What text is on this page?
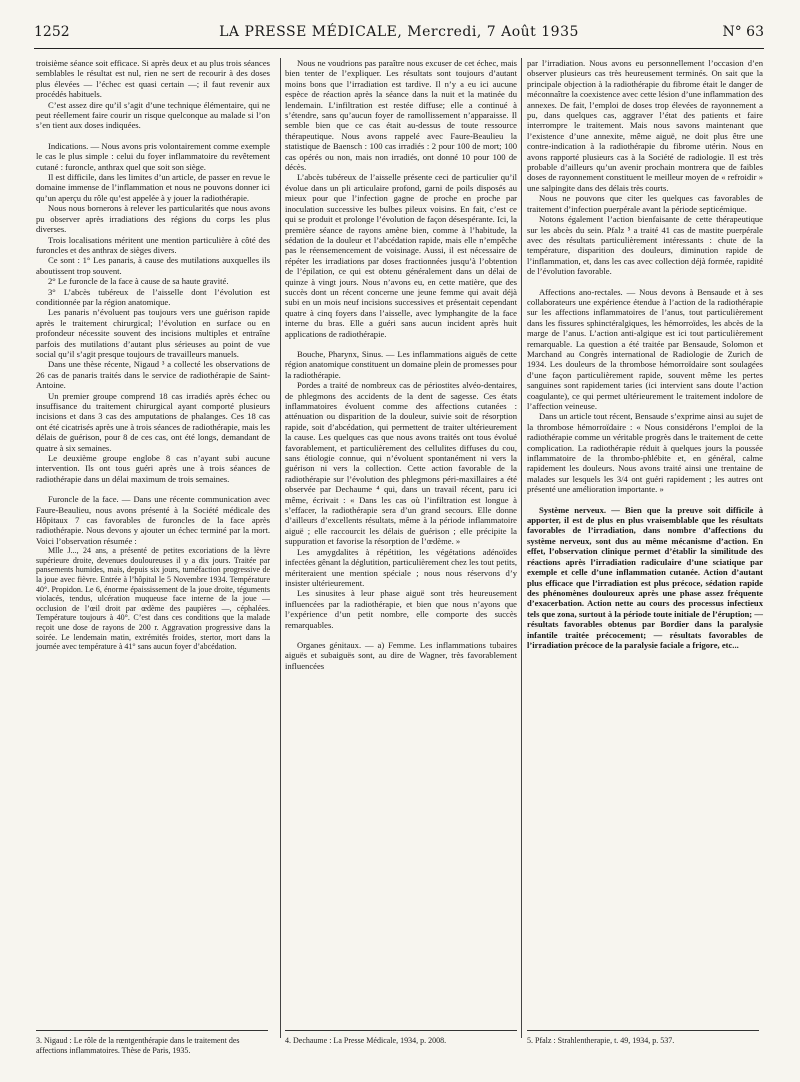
1252	LA PRESSE MÉDICALE, Mercredi, 7 Août 1935	N° 63

troisième séance soit efficace. Si après deux et au plus trois séances semblables le résultat est nul, rien ne sert de recourir à des doses plus élevées — l’échec est quasi certain —; il faut revenir aux procédés habituels.

C’est assez dire qu’il s’agit d’une technique élémentaire, qui ne peut réellement faire courir un risque quelconque au malade si l’on s’en tient aux doses indiquées.

Indications. — Nous avons pris volontairement comme exemple le cas le plus simple : celui du foyer inflammatoire du revêtement cutané : furoncle, anthrax quel que soit son siège.

Il est difficile, dans les limites d’un article, de passer en revue le domaine immense de l’inflammation et nous ne pouvons donner ici qu’un aperçu du rôle qu’est appelée à y jouer la radiothérapie.

Nous nous bornerons à relever les particularités que nous avons pu observer après irradiations des régions du corps les plus diverses.

Trois localisations méritent une mention particulière à côté des furoncles et des anthrax de sièges divers.

Ce sont : 1° Les panaris, à cause des mutilations auxquelles ils aboutissent trop souvent.

2° Le furoncle de la face à cause de sa haute gravité.

3° L’abcès tubéreux de l’aisselle dont l’évolution est conditionnée par la région anatomique.

Les panaris n’évoluent pas toujours vers une guérison rapide après le traitement chirurgical; l’évolution en surface ou en profondeur nécessite souvent des incisions multiples et entraîne parfois des mutilations d’autant plus sérieuses au point de vue social qu’il s’agit presque toujours de travailleurs manuels.

Dans une thèse récente, Nigaud ³ a collecté les observations de 26 cas de panaris traités dans le service de radiothérapie de Saint-Antoine.

Un premier groupe comprend 18 cas irradiés après échec ou insuffisance du traitement chirurgical ayant comporté plusieurs incisions et dans 3 cas des amputations de phalanges. Ces 18 cas ont été cicatrisés après une à trois séances de radiothérapie, mais les délais de guérison, pour 8 de ces cas, ont été longs, demandant de quatre à six semaines.

Le deuxième groupe englobe 8 cas n’ayant subi aucune intervention. Ils ont tous guéri après une à trois séances de radiothérapie dans un délai maximum de trois semaines.

Furoncle de la face. — Dans une récente communication avec Faure-Beaulieu, nous avons présenté à la Société médicale des Hôpitaux 7 cas favorables de furoncles de la face après radiothérapie. Nous devons y ajouter un échec terminé par la mort. Voici l’observation résumée :

Mlle J..., 24 ans, a présenté de petites excoriations de la lèvre supérieure droite, devenues douloureuses il y a dix jours. Traitée par pansements humides, mais, depuis six jours, tuméfaction progressive de la joue avec fièvre. Entrée à l’hôpital le 5 Novembre 1934. Température 40°. Propidon. Le 6, énorme épaississement de la joue droite, téguments violacés, tendus, ulcération muqueuse face interne de la joue — occlusion de l’œil droit par œdème des paupières —, céphalées. Température toujours à 40°. C’est dans ces conditions que la malade reçoit une dose de rayons de 200 r. Aggravation progressive dans la soirée. Le lendemain matin, extrémités froides, stertor, mort dans la journée avec température à 41° sans aucun foyer d’abcédation.

Nous ne voudrions pas paraître nous excuser de cet échec, mais bien tenter de l’expliquer. Les résultats sont toujours d’autant moins bons que l’irradiation est tardive. Il n’y a eu ici aucune espèce de réaction après la séance dans la nuit et la matinée du lendemain. L’infiltration est restée diffuse; elle a continué à s’étendre, sans qu’aucun foyer de ramollissement n’apparaisse. Il semble bien que ce cas était au-dessus de toute ressource thérapeutique. Nous avons rappelé avec Faure-Beaulieu la statistique de Baensch : 100 cas irradiés : 2 pour 100 de mort; 100 cas opérés ou non, mais non irradiés, ont donné 10 pour 100 de décès.

L’abcès tubéreux de l’aisselle présente ceci de particulier qu’il évolue dans un pli articulaire profond, garni de poils disposés au mieux pour que l’infection gagne de proche en proche par inoculation successive les bulbes pileux voisins. En fait, c’est ce qui se produit et prolonge l’évolution de façon désespérante. Ici, la première séance de rayons amène bien, comme à l’habitude, la sédation de la douleur et l’abcédation rapide, mais elle n’empêche pas le réensemencement de voisinage. Aussi, il est nécessaire de répéter les irradiations par doses fractionnées jusqu’à l’obtention de l’épilation, ce qui est obtenu généralement dans un délai de quinze à vingt jours. Nous n’avons eu, en cette matière, que des succès dont un récent concerne une jeune femme qui avait déjà subi en un mois neuf incisions successives et présentait cependant quatre à cinq foyers dans l’aisselle, avec lymphangite de la face interne du bras. Elle a guéri sans aucun incident après huit applications de radiothérapie.

Bouche, Pharynx, Sinus. — Les inflammations aiguës de cette région anatomique constituent un domaine plein de promesses pour la radiothérapie.

Pordes a traité de nombreux cas de périostites alvéo-dentaires, de phlegmons des accidents de la dent de sagesse. Ces états inflammatoires évoluent comme des affections cutanées : atténuation ou disparition de la douleur, suivie soit de résorption rapide, soit d’abcédation, qui permettent de traiter ultérieurement la cause. Les quelques cas que nous avons traités ont tous évolué favorablement, et particulièrement des cellulites diffuses du cou, sans étiologie connue, qui n’évoluent spontanément ni vers la guérison ni vers la collection. Cette action favorable de la radiothérapie sur l’évolution des phlegmons péri-maxillaires a été observée par Dechaume ⁴ qui, dans un travail récent, paru ici même, écrivait : « Dans les cas où l’infiltration est longue à s’effacer, la radiothérapie sera d’un grand secours. Elle donne d’ailleurs d’excellents résultats, même à la période inflammatoire aiguë ; elle raccourcit les délais de guérison ; elle précipite la suppuration et favorise la résorption de l’œdème. »

Les amygdalites à répétition, les végétations adénoïdes infectées gênant la déglutition, particulièrement chez les tout petits, mériteraient une mention spéciale ; nous nous réservons d’y insister ultérieurement.

Les sinusites à leur phase aiguë sont très heureusement influencées par la radiothérapie, et bien que nous n’ayons que l’expérience d’un petit nombre, elle comporte des succès remarquables.

Organes génitaux. — a) Femme. Les inflammations tubaires aiguës et subaiguës sont, au dire de Wagner, très favorablement influencées

par l’irradiation. Nous avons eu personnellement l’occasion d’en observer plusieurs cas très heureusement terminés. On sait que la principale objection à la radiothérapie du fibrome était le danger de méconnaître la coexistence avec cette lésion d’une inflammation des annexes. De fait, l’emploi de doses trop élevées de rayonnement a pu, dans quelques cas, aggraver l’état des patients et faire interrompre le traitement. Mais nous savons maintenant que l’existence d’une annexite, même aiguë, ne doit plus être une contre-indication à la radiothérapie du fibrome utérin. Nous en avons rapporté plusieurs cas à la Société de radiologie. Il est très probable d’ailleurs qu’un avenir prochain montrera que de faibles doses de rayonnement constituent le meilleur moyen de « refroidir » une salpingite dans des délais très courts.

Nous ne pouvons que citer les quelques cas favorables de traitement d’infection puerpérale avant la période septicémique.

Notons également l’action bienfaisante de cette thérapeutique sur les abcès du sein. Pfalz ⁵ a traité 41 cas de mastite puerpérale avec des résultats particulièrement intéressants : chute de la température, disparition des douleurs, diminution rapide de l’inflammation, et, dans les cas avec collection déjà formée, rapidité de l’évolution favorable.

Affections ano-rectales. — Nous devons à Bensaude et à ses collaborateurs une expérience étendue à l’action de la radiothérapie sur les affections inflammatoires de l’anus, tout particulièrement dans les fissures sphinctéralgiques, les hémorroïdes, les abcès de la marge de l’anus. L’action anti-algique est ici tout particulièrement remarquable. La question a été traitée par Bensaude, Solomon et Marchand au Congrès international de Radiologie de Zurich de 1934. Les douleurs de la thrombose hémorroïdaire sont soulagées d’une façon particulièrement rapide, souvent même les pertes sanguines sont rapidement taries (ici intervient sans doute l’action coagulante), ce qui permet ultérieurement le traitement indolore de l’affection veineuse.

Dans un article tout récent, Bensaude s’exprime ainsi au sujet de la thrombose hémorroïdaire : « Nous considérons l’emploi de la radiothérapie comme un véritable progrès dans le traitement de cette complication. La radiothérapie réduit à quelques jours la poussée inflammatoire de la thrombo-phlébite et, en général, calme rapidement les douleurs. Nous avons traité ainsi une trentaine de malades sur lesquels les 3/4 ont guéri rapidement ; les autres ont présenté une amélioration importante. »

Système nerveux. — Bien que la preuve soit difficile à apporter, il est de plus en plus vraisemblable que les résultats favorables de l’irradiation, dans nombre d’affections du système nerveux, sont dus au même mécanisme d’action. En effet, l’observation clinique permet d’établir la similitude des réactions après l’irradiation radiculaire d’une sciatique par exemple et celle d’une inflammation cutanée. Action d’autant plus efficace que l’irradiation est plus précoce, sédation rapide des phénomènes douloureux après une phase assez fréquente d’exacerbation. Action nette au cours des processus infectieux tels que zona, surtout à la période toute initiale de l’éruption; — résultats favorables obtenus par Bordier dans la paralysie infantile traitée précocement; — résultats favorables de l’irradiation précoce de la paralysie faciale a frigore, etc...

3. Nigaud : Le rôle de la rœntgenthérapie dans le traitement des affections inflammatoires. Thèse de Paris, 1935.
4. Dechaume : La Presse Médicale, 1934, p. 2008.	5. Pfalz : Strahlentherapie, t. 49, 1934, p. 537.
